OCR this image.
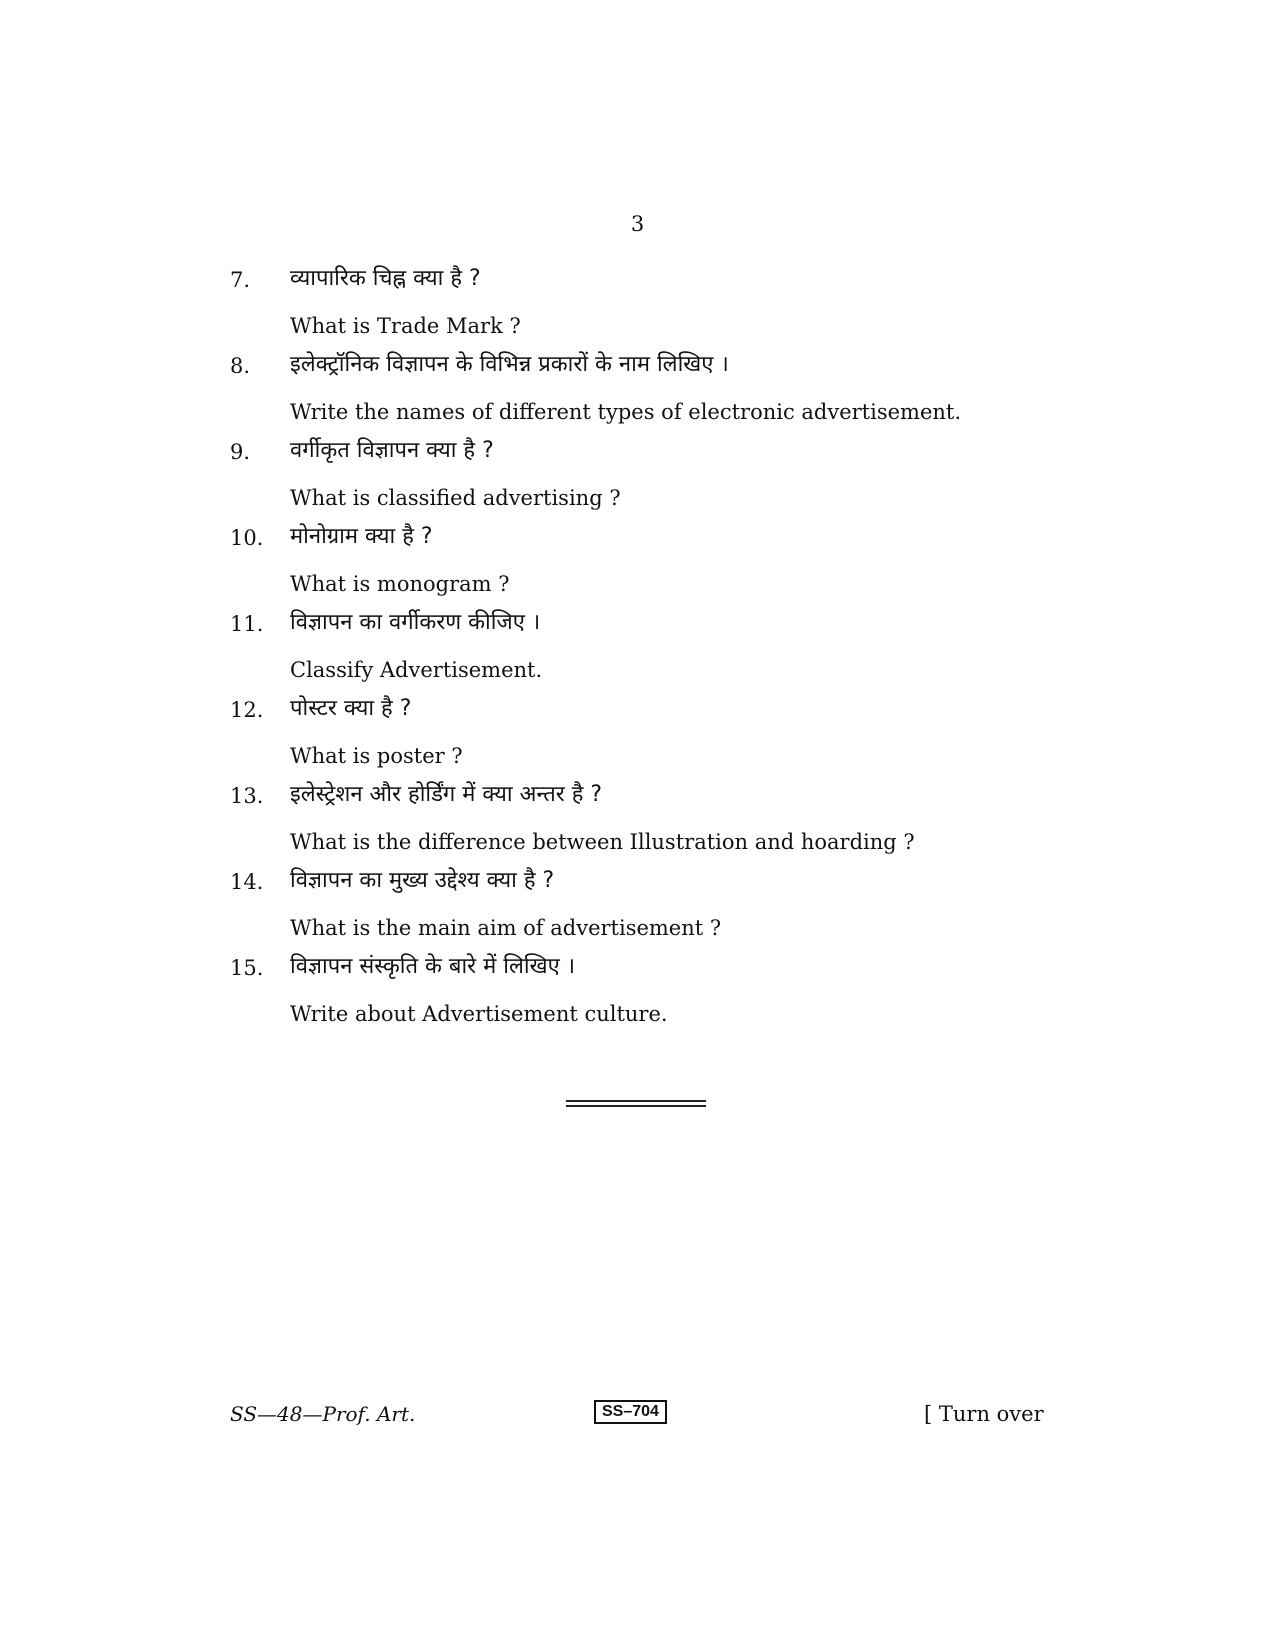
3
7. व्यापारिक चिह्न क्या है ?
What is Trade Mark ?
8. इलेक्ट्रॉनिक विज्ञापन के विभिन्न प्रकारों के नाम लिखिए ।
Write the names of different types of electronic advertisement.
9. वर्गीकृत विज्ञापन क्या है ?
What is classified advertising ?
10. मोनोग्राम क्या है ?
What is monogram ?
11. विज्ञापन का वर्गीकरण कीजिए ।
Classify Advertisement.
12. पोस्टर क्या है ?
What is poster ?
13. इलेस्ट्रेशन और होर्डिंग में क्या अन्तर है ?
What is the difference between Illustration and hoarding ?
14. विज्ञापन का मुख्य उद्देश्य क्या है ?
What is the main aim of advertisement ?
15. विज्ञापन संस्कृति के बारे में लिखिए ।
Write about Advertisement culture.
SS—48—Prof. Art.	SS–704	[ Turn over
